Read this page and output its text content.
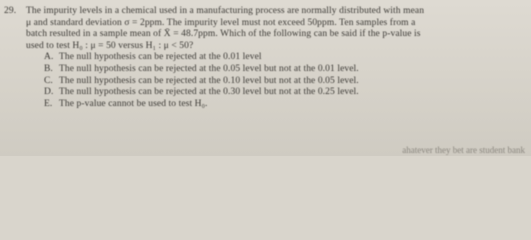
29.	The impurity levels in a chemical used in a manufacturing process are normally distributed with mean
μ and standard deviation σ = 2ppm. The impurity level must not exceed 50ppm. Ten samples from a
batch resulted in a sample mean of X̄ = 48.7ppm. Which of the following can be said if the p-value is
used to test H₀ : μ = 50 versus H₁ : μ < 50?
A. The null hypothesis can be rejected at the 0.01 level
B. The null hypothesis can be rejected at the 0.05 level but not at the 0.01 level.
C. The null hypothesis can be rejected at the 0.10 level but not at the 0.05 level.
D. The null hypothesis can be rejected at the 0.30 level but not at the 0.25 level.
E. The p-value cannot be used to test H₀.
ahatever they bet are student bank
